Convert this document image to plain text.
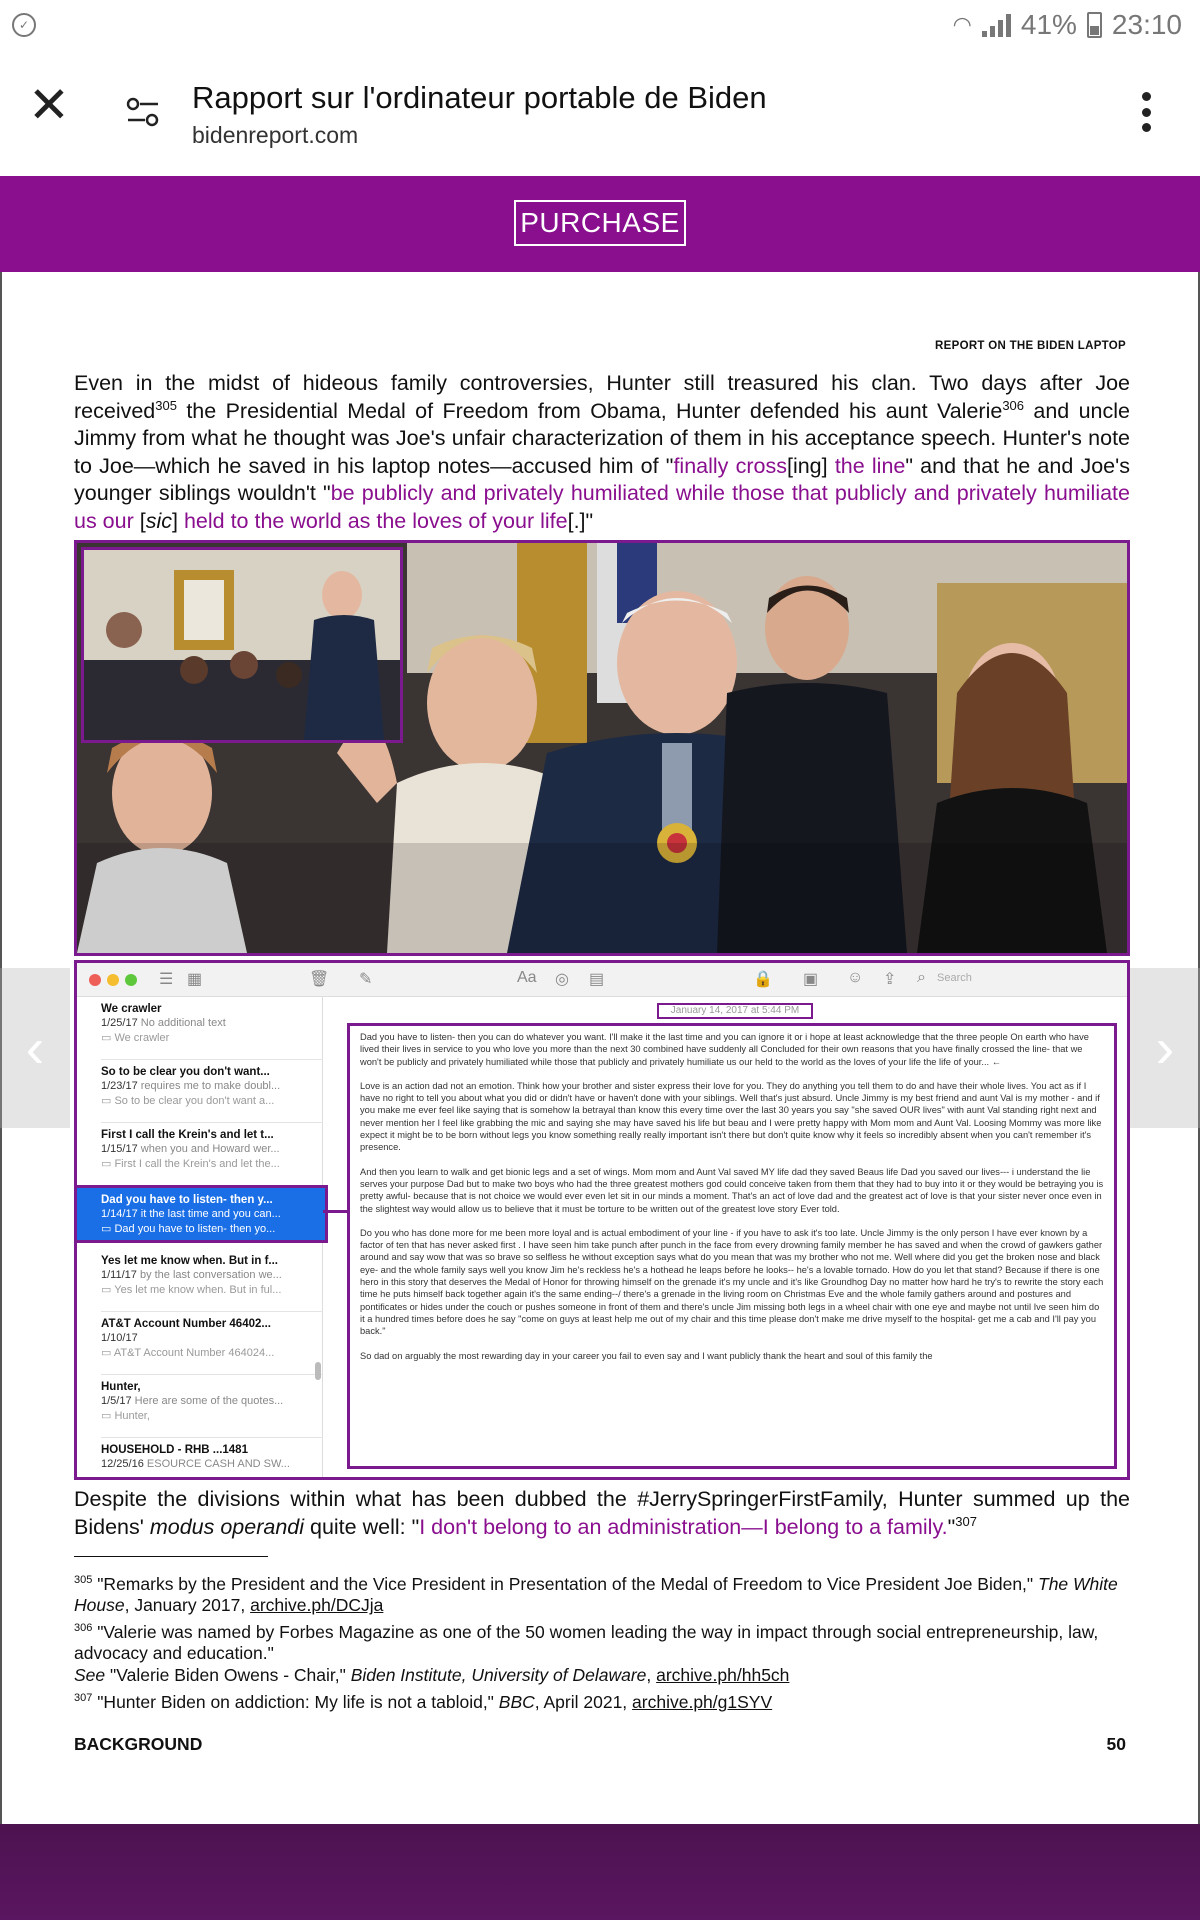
✓	◠ 41% 23:10
✕	Rapport sur l'ordinateur portable de Biden
bidenreport.com
PURCHASE
REPORT ON THE BIDEN LAPTOP
Even in the midst of hideous family controversies, Hunter still treasured his clan. Two days after Joe received$^{305}$ the Presidential Medal of Freedom from Obama, Hunter defended his aunt Valerie$^{306}$ and uncle Jimmy from what he thought was Joe's unfair characterization of them in his acceptance speech. Hunter's note to Joe—which he saved in his laptop notes—accused him of "finally cross[ing] the line" and that he and Joe's younger siblings wouldn't "be publicly and privately humiliated while those that publicly and privately humiliate us our [sic] held to the world as the loves of your life[.]"
☰ ▦	🗑 ✎	Aa ◎ ▤	🔒 ▣ ☺ ⇪ ⌕ Search
We crawler
1/25/17 No additional text
▭ We crawler
So to be clear you don't want...
1/23/17 requires me to make doubl...
▭ So to be clear you don't want a...
First I call the Krein's and let t...
1/15/17 when you and Howard wer...
▭ First I call the Krein's and let the...
Dad you have to listen- then y...
1/14/17 it the last time and you can...
▭ Dad you have to listen- then yo...
Yes let me know when. But in f...
1/11/17 by the last conversation we...
▭ Yes let me know when. But in ful...
AT&T Account Number 46402...
1/10/17
▭ AT&T Account Number 464024...
Hunter,
1/5/17 Here are some of the quotes...
▭ Hunter,
HOUSEHOLD - RHB ...1481
12/25/16 ESOURCE CASH AND SW...
January 14, 2017 at 5:44 PM

Dad you have to listen- then you can do whatever you want. I'll make it the last time and you can ignore it or i hope at least acknowledge that the three people On earth who have lived their lives in service to you who love you more than the next 30 combined have suddenly all Concluded for their own reasons that you have finally crossed the line- that we won't be publicly and privately humiliated while those that publicly and privately humiliate us our held to the world as the loves of your life the life of your... ←

Love is an action dad not an emotion. Think how your brother and sister express their love for you. They do anything you tell them to do and have their whole lives. You act as if I have no right to tell you about what you did or didn't have or haven't done with your siblings. Well that's just absurd. Uncle Jimmy is my best friend and aunt Val is my mother - and if you make me ever feel like saying that is somehow la betrayal than know this every time over the last 30 years you say "she saved OUR lives" with aunt Val standing right next and never mention her I feel like grabbing the mic and saying she may have saved his life but beau and I were pretty happy with Mom mom and Aunt Val. Loosing Mommy was more like expect it might be to be born without legs you know something really really important isn't there but don't quite know why it feels so incredibly absent when you can't remember it's presence.

And then you learn to walk and get bionic legs and a set of wings. Mom mom and Aunt Val saved MY life dad they saved Beaus life Dad you saved our lives--- i understand the lie serves your purpose Dad but to make two boys who had the three greatest mothers god could conceive taken from them that they had to buy into it or they would be betraying you is pretty awful- because that is not choice we would ever even let sit in our minds a moment. That's an act of love dad and the greatest act of love is that your sister never once even in the slightest way would allow us to believe that it must be torture to be written out of the greatest love story Ever told.

Do you who has done more for me been more loyal and is actual embodiment of your line - if you have to ask it's too late. Uncle Jimmy is the only person I have ever known by a factor of ten that has never asked first . I have seen him take punch after punch in the face from every drowning family member he has saved and when the crowd of gawkers gather around and say wow that was so brave so selfless he without exception says what do you mean that was my brother who not me. Well where did you get the broken nose and black eye- and the whole family says well you know Jim he's reckless he's a hothead he leaps before he looks-- he's a lovable tornado. How do you let that stand? Because if there is one hero in this story that deserves the Medal of Honor for throwing himself on the grenade it's my uncle and it's like Groundhog Day no matter how hard he try's to rewrite the story each time he puts himself back together again it's the same ending--/ there's a grenade in the living room on Christmas Eve and the whole family gathers around and postures and pontificates or hides under the couch or pushes someone in front of them and there's uncle Jim missing both legs in a wheel chair with one eye and maybe not until Ive seen him do it a hundred times before does he say "come on guys at least help me out of my chair and this time please don't make me drive myself to the hospital- get me a cab and I'll pay you back."

So dad on arguably the most rewarding day in your career you fail to even say and I want publicly thank the heart and soul of this family the

Despite the divisions within what has been dubbed the #JerrySpringerFirstFamily, Hunter summed up the Bidens' modus operandi quite well: "I don't belong to an administration—I belong to a family."$^{307}$
$^{305}$ "Remarks by the President and the Vice President in Presentation of the Medal of Freedom to Vice President Joe Biden," The White House, January 2017, archive.ph/DCJja
$^{306}$ "Valerie was named by Forbes Magazine as one of the 50 women leading the way in impact through social entrepreneurship, law, advocacy and education."
See "Valerie Biden Owens - Chair," Biden Institute, University of Delaware, archive.ph/hh5ch
$^{307}$ "Hunter Biden on addiction: My life is not a tabloid," BBC, April 2021, archive.ph/g1SYV
BACKGROUND	50
‹	›
